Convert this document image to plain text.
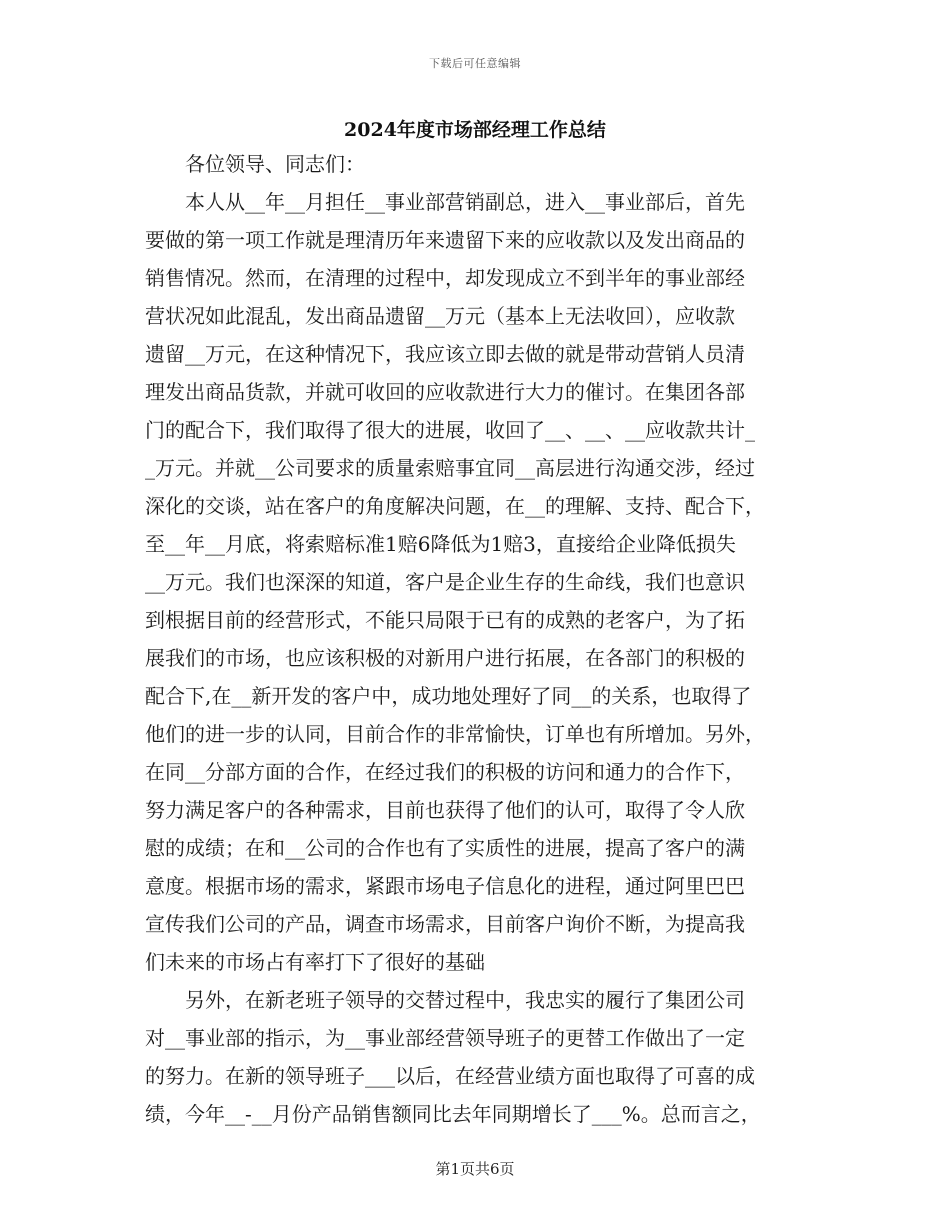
下载后可任意编辑
2024年度市场部经理工作总结
　　各位领导、同志们：
　　本人从__年__月担任__事业部营销副总，进入__事业部后，首先
要做的第一项工作就是理清历年来遗留下来的应收款以及发出商品的
销售情况。然而，在清理的过程中，却发现成立不到半年的事业部经
营状况如此混乱，发出商品遗留__万元（基本上无法收回），应收款
遗留__万元，在这种情况下，我应该立即去做的就是带动营销人员清
理发出商品货款，并就可收回的应收款进行大力的催讨。在集团各部
门的配合下，我们取得了很大的进展，收回了__、__、__应收款共计_
_万元。并就__公司要求的质量索赔事宜同__高层进行沟通交涉，经过
深化的交谈，站在客户的角度解决问题，在__的理解、支持、配合下，
至__年__月底，将索赔标准1赔6降低为1赔3，直接给企业降低损失
__万元。我们也深深的知道，客户是企业生存的生命线，我们也意识
到根据目前的经营形式，不能只局限于已有的成熟的老客户，为了拓
展我们的市场，也应该积极的对新用户进行拓展，在各部门的积极的
配合下,在__新开发的客户中，成功地处理好了同__的关系，也取得了
他们的进一步的认同，目前合作的非常愉快，订单也有所增加。另外，
在同__分部方面的合作，在经过我们的积极的访问和通力的合作下，
努力满足客户的各种需求，目前也获得了他们的认可，取得了令人欣
慰的成绩；在和__公司的合作也有了实质性的进展，提高了客户的满
意度。根据市场的需求，紧跟市场电子信息化的进程，通过阿里巴巴
宣传我们公司的产品，调查市场需求，目前客户询价不断，为提高我
们未来的市场占有率打下了很好的基础
　　另外，在新老班子领导的交替过程中，我忠实的履行了集团公司
对__事业部的指示，为__事业部经营领导班子的更替工作做出了一定
的努力。在新的领导班子___以后，在经营业绩方面也取得了可喜的成
绩，今年__-__月份产品销售额同比去年同期增长了___%。总而言之，
第1页共6页
